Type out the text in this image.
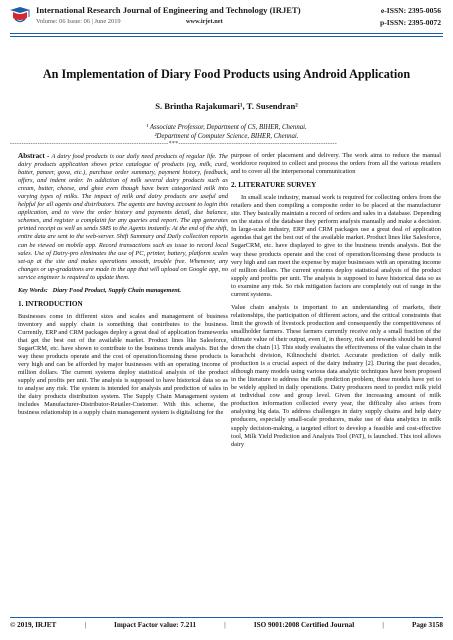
International Research Journal of Engineering and Technology (IRJET)
Volume: 06 Issue: 06 | June 2019	www.irjet.net
e-ISSN: 2395-0056
p-ISSN: 2395-0072
An Implementation of Diary Food Products using Android Application
S. Brintha Rajakumari¹, T. Susendran²
¹ Associate Professor, Department of CS, BIHER, Chennai.
²Department of Computer Science, BIHER, Chennai.
---------------------------------------------------------------------***---------------------------------------------------------------------

Abstract - A dairy food products is our daily need products of regular life. The dairy products application shows price catalogue of products (eg, milk, curd, batter, paneer, gova, etc.), purchase order summary, payment history, feedback, offers, and indent order. In addiction of milk several dairy products such as cream, butter, cheese, and ghee even though have been categorized milk into varying types of milks. The impact of milk and dairy products are useful and helpful for all agents and distributors. The agents are having account to login this application, and to view the order history and payments detail, due balance, schemes, and register a complaint for any queries and report. The app generates printed receipt as well as sends SMS to the Agents instantly. At the end of the shift, entire data are sent to the web-server. Shift Summary and Daily collection reports can be viewed on mobile app. Record transactions such as issue to record local sales. Use of Dairy-pro eliminates the use of PC, printer, battery, platform scales set-up at the site and makes operations smooth, trouble free. Whenever, any changes or up-gradations are made in the app that will upload on Google app, no service engineer is required to update them.

Key Words: Diary Food Product, Supply Chain management.

1. INTRODUCTION

Businesses come in different sizes and scales and management of business inventory and supply chain is something that contributes to the business. Currently, ERP and CRM packages deploy a great deal of application frameworks that get the best out of the available market. Product lines like Salesforce, SugarCRM, etc. have shown to contribute to the business trends analysis. But the way these products operate and the cost of operation/licensing these products is very high and can be afforded by major businesses with an operating income of million dollars. The current systems deploy statistical analysis of the product supply and profits per unit. The analysis is supposed to have historical data so as to analyse any risk. The system is intended for analysis and prediction of sales in the dairy products distribution system. The Supply Chain Management system includes Manufacturer-Distributor-Retailer-Customer. With this scheme, the business relationship in a supply chain management system is digitalising for the

purpose of order placement and delivery. The work aims to reduce the manual workforce required to collect and process the orders from all the various retailers and to cover all the interpersonal communication

2. LITERATURE SURVEY

In small scale industry, manual work is required for collecting orders from the retailers and then compiling a composite order to be placed at the manufacturer site. They basically maintain a record of orders and sales in a database. Depending on the status of the database they perform analysis manually and make a decision. In large-scale industry, ERP and CRM packages use a great deal of application agendas that get the best out of the available market. Product lines like Salesforce, SugarCRM, etc. have displayed to give to the business trends analysis. But the way these products operate and the cost of operation/licensing these products is very high and can meet the expense by major businesses with an operating income of million dollars. The current systems deploy statistical analysis of the product supply and profits per unit. The analysis is supposed to have historical data so as to examine any risk. So risk mitigation factors are completely out of range in the current systems.

Value chain analysis is important to an understanding of markets, their relationships, the participation of different actors, and the critical constraints that limit the growth of livestock production and consequently the competitiveness of smallholder farmers. These farmers currently receive only a small fraction of the ultimate value of their output, even if, in theory, risk and rewards should be shared down the chain [1]. This study evaluates the effectiveness of the value chain in the karachchi division, Kilinochchi district. Accurate prediction of daily milk production is a crucial aspect of the dairy industry [2]. During the past decades, although many models using various data analytic techniques have been proposed in the literature to address the milk prediction problem, these models have yet to be widely applied in daily operations. Dairy producers need to predict milk yield at individual cow and group level. Given the increasing amount of milk production information collected every year, the difficulty also arises from analysing big data. To address challenges in dairy supply chains and help dairy producers, especially small-scale producers, make use of data analytics in milk supply decision-making, a targeted effort to develop a feasible and cost-effective tool, Milk Yield Prediction and Analysis Tool (PAT), is launched. This tool allows dairy

© 2019, IRJET	|	Impact Factor value: 7.211	|	ISO 9001:2008 Certified Journal	|	Page 3158
